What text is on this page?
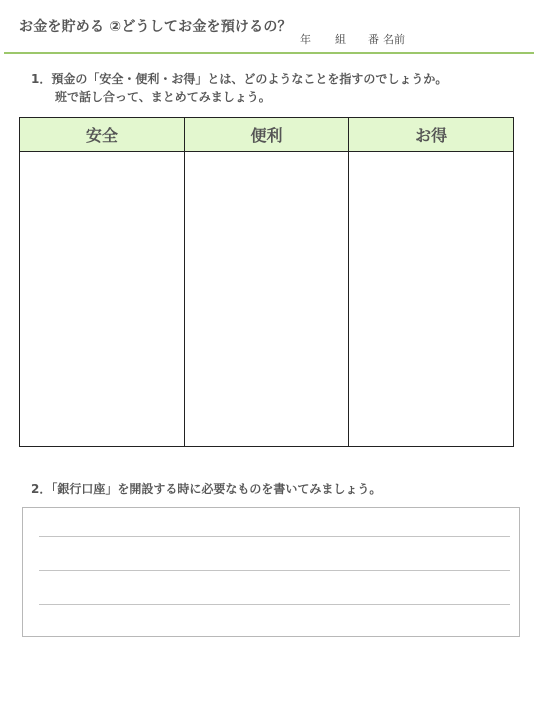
お金を貯める ②どうしてお金を預けるの？
年 組 番 名前
1．預金の「安全・便利・お得」とは、どのようなことを指すのでしょうか。
班で話し合って、まとめてみましょう。
安全	便利	お得

2．「銀行口座」を開設する時に必要なものを書いてみましょう。
